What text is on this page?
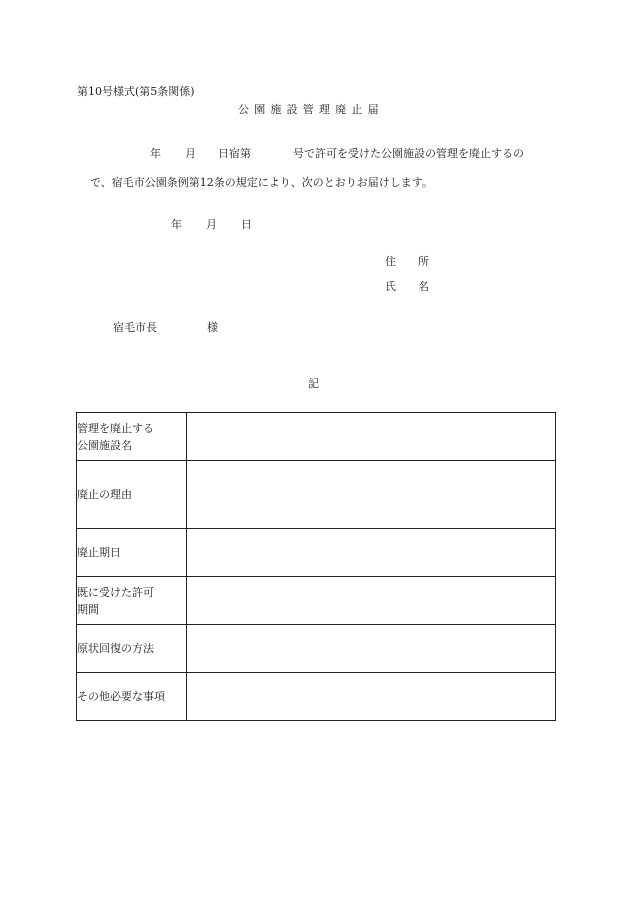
第10号様式(第5条関係)
公園施設管理廃止届
年 月 日宿第	号で許可を受けた公園施設の管理を廃止するの
で、宿毛市公園条例第12条の規定により、次のとおりお届けします。
年 月 日
住 所
氏 名
宿毛市長	様
記
管理を廃止する
公園施設名	

廃止の理由	

廃止期日	

既に受けた許可
期間	

原状回復の方法	

その他必要な事項	
